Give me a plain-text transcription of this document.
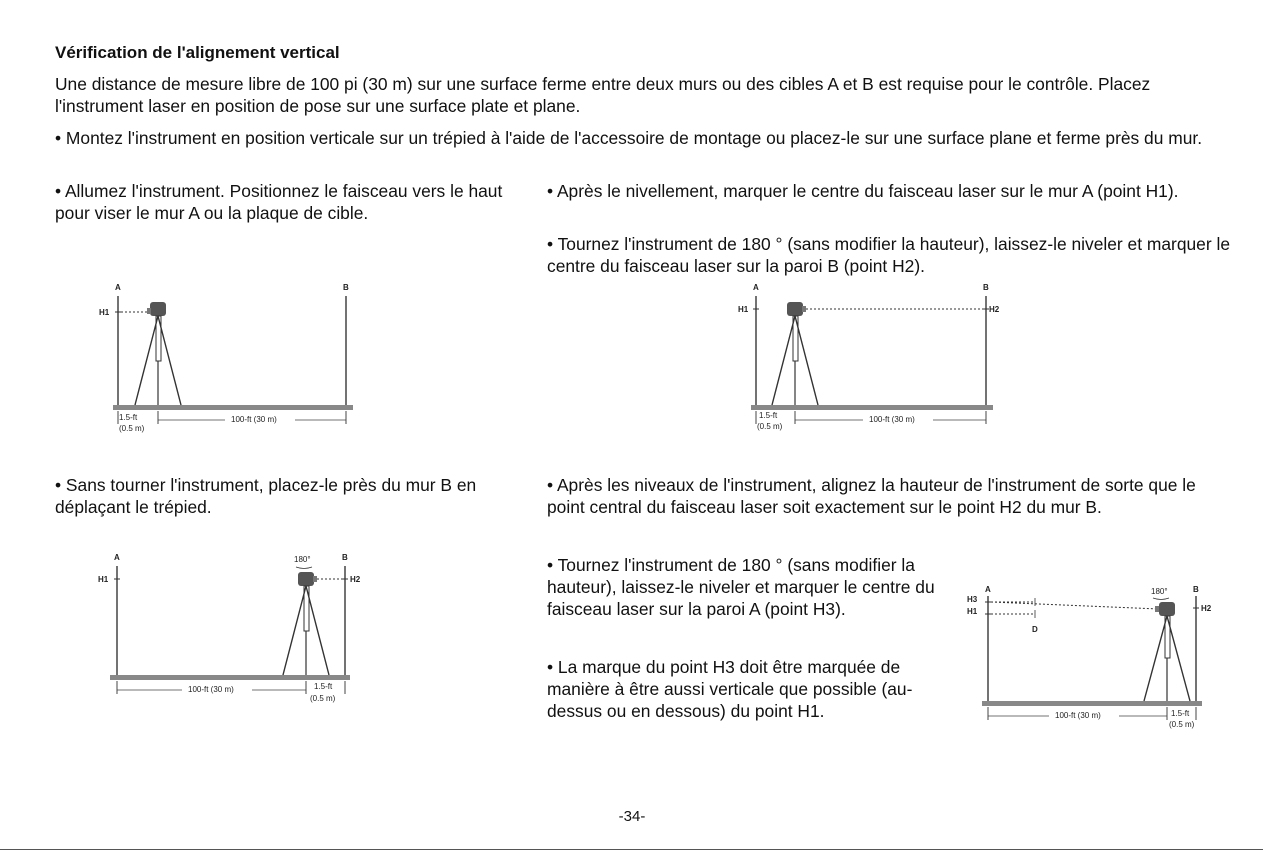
Vérification de l'alignement vertical

Une distance de mesure libre de 100 pi (30 m) sur une surface ferme entre deux murs ou des cibles A et B est requise pour le contrôle. Placez l'instrument laser en position de pose sur une surface plate et plane.

• Montez l'instrument en position verticale sur un trépied à l'aide de l'accessoire de montage ou placez-le sur une surface plane et ferme près du mur.

• Allumez l'instrument. Positionnez le faisceau vers le haut pour viser le mur A ou la plaque de cible.

• Après le nivellement, marquer le centre du faisceau laser sur le mur A (point H1).

• Tournez l'instrument de 180 ° (sans modifier la hauteur), laissez-le niveler et marquer le centre du faisceau laser sur la paroi B (point H2).

• Sans tourner l'instrument, placez-le près du mur B en déplaçant le trépied.

• Après les niveaux de l'instrument, alignez la hauteur de l'instrument de sorte que le point central du faisceau laser soit exactement sur le point H2 du mur B.

• Tournez l'instrument de 180 ° (sans modifier la hauteur), laissez-le niveler et marquer le centre du faisceau laser sur la paroi A (point H3).

• La marque du point H3 doit être marquée de manière à être aussi verticale que possible (au-dessus ou en dessous) du point H1.

A	B
H1
100-ft (30 m)
1.5-ft
(0.5 m)
A	B
H1	H2
100-ft (30 m)
1.5-ft
(0.5 m)
A	B
H1	H2
180°
100-ft (30 m)	1.5-ft
(0.5 m)
A	B
H3
H1
D
H2
180°
100-ft (30 m)	1.5-ft
(0.5 m)
-34-
